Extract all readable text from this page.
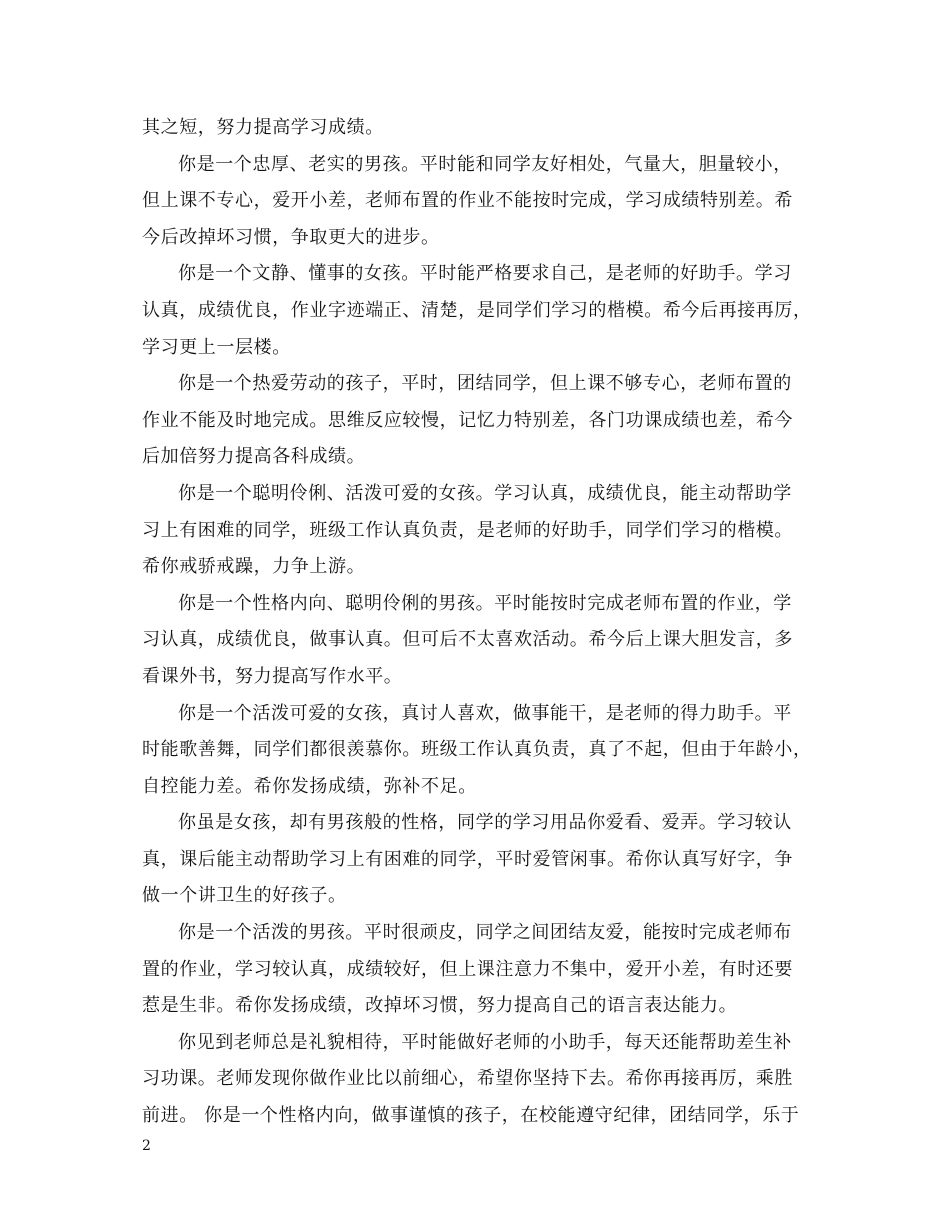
其之短，努力提高学习成绩。
你是一个忠厚、老实的男孩。平时能和同学友好相处，气量大，胆量较小，
但上课不专心，爱开小差，老师布置的作业不能按时完成，学习成绩特别差。希
今后改掉坏习惯，争取更大的进步。
你是一个文静、懂事的女孩。平时能严格要求自己，是老师的好助手。学习
认真，成绩优良，作业字迹端正、清楚，是同学们学习的楷模。希今后再接再厉，
学习更上一层楼。
你是一个热爱劳动的孩子，平时，团结同学，但上课不够专心，老师布置的
作业不能及时地完成。思维反应较慢，记忆力特别差，各门功课成绩也差，希今
后加倍努力提高各科成绩。
你是一个聪明伶俐、活泼可爱的女孩。学习认真，成绩优良，能主动帮助学
习上有困难的同学，班级工作认真负责，是老师的好助手，同学们学习的楷模。
希你戒骄戒躁，力争上游。
你是一个性格内向、聪明伶俐的男孩。平时能按时完成老师布置的作业，学
习认真，成绩优良，做事认真。但可后不太喜欢活动。希今后上课大胆发言，多
看课外书，努力提高写作水平。
你是一个活泼可爱的女孩，真讨人喜欢，做事能干，是老师的得力助手。平
时能歌善舞，同学们都很羡慕你。班级工作认真负责，真了不起，但由于年龄小，
自控能力差。希你发扬成绩，弥补不足。
你虽是女孩，却有男孩般的性格，同学的学习用品你爱看、爱弄。学习较认
真，课后能主动帮助学习上有困难的同学，平时爱管闲事。希你认真写好字，争
做一个讲卫生的好孩子。
你是一个活泼的男孩。平时很顽皮，同学之间团结友爱，能按时完成老师布
置的作业，学习较认真，成绩较好，但上课注意力不集中，爱开小差，有时还要
惹是生非。希你发扬成绩，改掉坏习惯，努力提高自己的语言表达能力。
你见到老师总是礼貌相待，平时能做好老师的小助手，每天还能帮助差生补
习功课。老师发现你做作业比以前细心，希望你坚持下去。希你再接再厉，乘胜
前进。 你是一个性格内向，做事谨慎的孩子，在校能遵守纪律，团结同学，乐于
2
